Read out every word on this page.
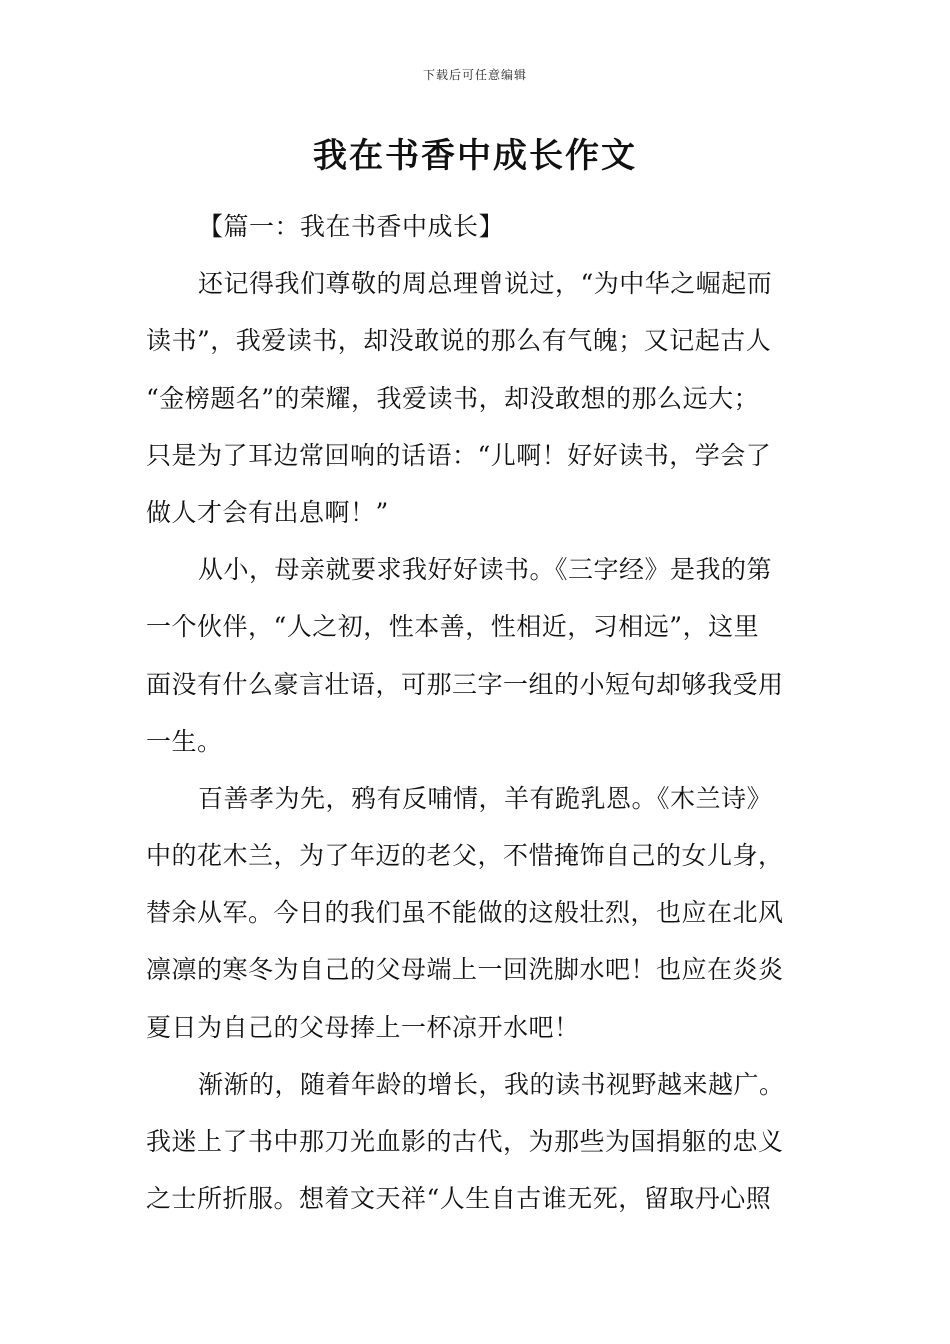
下载后可任意编辑
我在书香中成长作文
【篇一：我在书香中成长】
还记得我们尊敬的周总理曾说过，“为中华之崛起而
读书”，我爱读书，却没敢说的那么有气魄；又记起古人
“金榜题名”的荣耀，我爱读书，却没敢想的那么远大；
只是为了耳边常回响的话语：“儿啊！好好读书，学会了
做人才会有出息啊！”
从小，母亲就要求我好好读书。《三字经》是我的第
一个伙伴，“人之初，性本善，性相近，习相远”，这里
面没有什么豪言壮语，可那三字一组的小短句却够我受用
一生。
百善孝为先，鸦有反哺情，羊有跪乳恩。《木兰诗》
中的花木兰，为了年迈的老父，不惜掩饰自己的女儿身，
替余从军。今日的我们虽不能做的这般壮烈，也应在北风
凛凛的寒冬为自己的父母端上一回洗脚水吧！也应在炎炎
夏日为自己的父母捧上一杯凉开水吧！
渐渐的，随着年龄的增长，我的读书视野越来越广。
我迷上了书中那刀光血影的古代，为那些为国捐躯的忠义
之士所折服。想着文天祥“人生自古谁无死，留取丹心照
